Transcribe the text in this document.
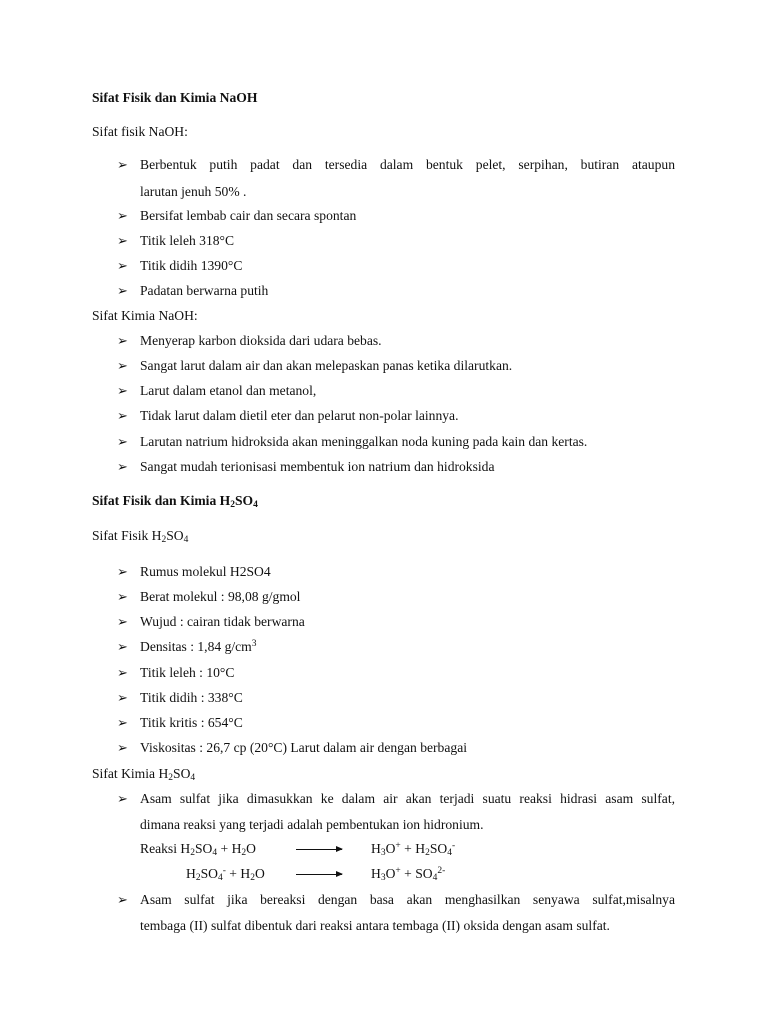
Sifat Fisik dan Kimia NaOH
Sifat fisik NaOH:
➢ Berbentuk putih padat dan tersedia dalam bentuk pelet, serpihan, butiran ataupun
larutan jenuh 50% .
➢ Bersifat lembab cair dan secara spontan
➢ Titik leleh 318°C
➢ Titik didih 1390°C
➢ Padatan berwarna putih
Sifat Kimia NaOH:
➢ Menyerap karbon dioksida dari udara bebas.
➢ Sangat larut dalam air dan akan melepaskan panas ketika dilarutkan.
➢ Larut dalam etanol dan metanol,
➢ Tidak larut dalam dietil eter dan pelarut non-polar lainnya.
➢ Larutan natrium hidroksida akan meninggalkan noda kuning pada kain dan kertas.
➢ Sangat mudah terionisasi membentuk ion natrium dan hidroksida
Sifat Fisik dan Kimia $H_2SO_4$
Sifat Fisik $H_2SO_4$
➢ Rumus molekul H2SO4
➢ Berat molekul : 98,08 g/gmol
➢ Wujud : cairan tidak berwarna
➢ Densitas : 1,84 $g/cm^3$
➢ Titik leleh : 10°C
➢ Titik didih : 338°C
➢ Titik kritis : 654°C
➢ Viskositas : 26,7 cp (20°C) Larut dalam air dengan berbagai
Sifat Kimia $H_2SO_4$
➢ Asam sulfat jika dimasukkan ke dalam air akan terjadi suatu reaksi hidrasi asam sulfat,
dimana reaksi yang terjadi adalah pembentukan ion hidronium.
Reaksi $H_2SO_4 + H_2O$	$H_3O^+ + H_2SO_4^-$
$H_2SO_4^- + H_2O$	$H_3O^+ + SO_4^{2-}$
➢ Asam sulfat jika bereaksi dengan basa akan menghasilkan senyawa sulfat,misalnya
tembaga (II) sulfat dibentuk dari reaksi antara tembaga (II) oksida dengan asam sulfat.
